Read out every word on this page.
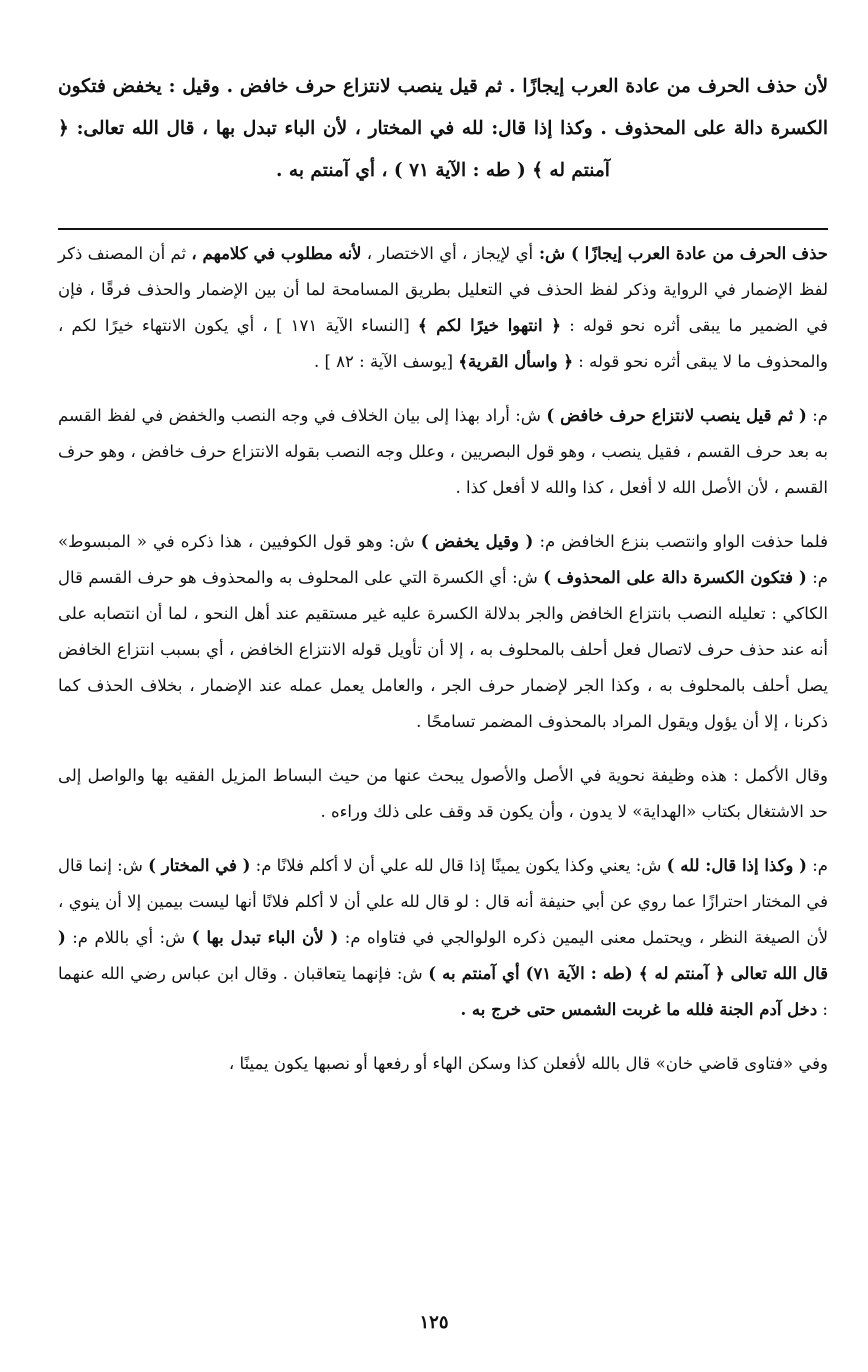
لأن حذف الحرف من عادة العرب إيجازًا . ثم قيل ينصب لانتزاع حرف خافض . وقيل : يخفض فتكون الكسرة دالة على المحذوف . وكذا إذا قال: لله في المختار ، لأن الباء تبدل بها ، قال الله تعالى: ﴿ آمنتم له ﴾ ( طه : الآية ٧١ ) ، أي آمنتم به .

حذف الحرف من عادة العرب إيجازًا ) ش: أي لإيجاز ، أي الاختصار ، لأنه مطلوب في كلامهم ، ثم أن المصنف ذكر لفظ الإضمار في الرواية وذكر لفظ الحذف في التعليل بطريق المسامحة لما أن بين الإضمار والحذف فرقًا ، فإن في الضمير ما يبقى أثره نحو قوله : ﴿ انتهوا خيرًا لكم ﴾ [النساء الآية ١٧١ ] ، أي يكون الانتهاء خيرًا لكم ، والمحذوف ما لا يبقى أثره نحو قوله : ﴿ واسأل القرية﴾ [يوسف الآية : ٨٢ ] .

م: ( ثم قيل ينصب لانتزاع حرف خافض ) ش: أراد بهذا إلى بيان الخلاف في وجه النصب والخفض في لفظ القسم به بعد حرف القسم ، فقيل ينصب ، وهو قول البصريين ، وعلل وجه النصب بقوله الانتزاع حرف خافض ، وهو حرف القسم ، لأن الأصل الله لا أفعل ، كذا والله لا أفعل كذا .

فلما حذفت الواو وانتصب بنزع الخافض م: ( وقيل يخفض ) ش: وهو قول الكوفيين ، هذا ذكره في « المبسوط» م: ( فتكون الكسرة دالة على المحذوف ) ش: أي الكسرة التي على المحلوف به والمحذوف هو حرف القسم قال الكاكي : تعليله النصب بانتزاع الخافض والجر بدلالة الكسرة عليه غير مستقيم عند أهل النحو ، لما أن انتصابه على أنه عند حذف حرف لاتصال فعل أحلف بالمحلوف به ، إلا أن تأويل قوله الانتزاع الخافض ، أي بسبب انتزاع الخافض يصل أحلف بالمحلوف به ، وكذا الجر لإضمار حرف الجر ، والعامل يعمل عمله عند الإضمار ، بخلاف الحذف كما ذكرنا ، إلا أن يؤول ويقول المراد بالمحذوف المضمر تسامحًا .

وقال الأكمل : هذه وظيفة نحوية في الأصل والأصول يبحث عنها من حيث البساط المزيل الفقيه بها والواصل إلى حد الاشتغال بكتاب «الهداية» لا يدون ، وأن يكون قد وقف على ذلك وراءه .

م: ( وكذا إذا قال: لله ) ش: يعني وكذا يكون يمينًا إذا قال لله علي أن لا أكلم فلانًا م: ( في المختار ) ش: إنما قال في المختار احترازًا عما روي عن أبي حنيفة أنه قال : لو قال لله علي أن لا أكلم فلانًا أنها ليست بيمين إلا أن ينوي ، لأن الصيغة النظر ، ويحتمل معنى اليمين ذكره الولوالجي في فتاواه م: ( لأن الباء تبدل بها ) ش: أي باللام م: ( قال الله تعالى ﴿ آمنتم له ﴾ (طه : الآية ٧١) أي آمنتم به ) ش: فإنهما يتعاقبان . وقال ابن عباس رضي الله عنهما : دخل آدم الجنة فلله ما غربت الشمس حتى خرج به .

وفي «فتاوى قاضي خان» قال بالله لأفعلن كذا وسكن الهاء أو رفعها أو نصبها يكون يمينًا ،

١٢٥
